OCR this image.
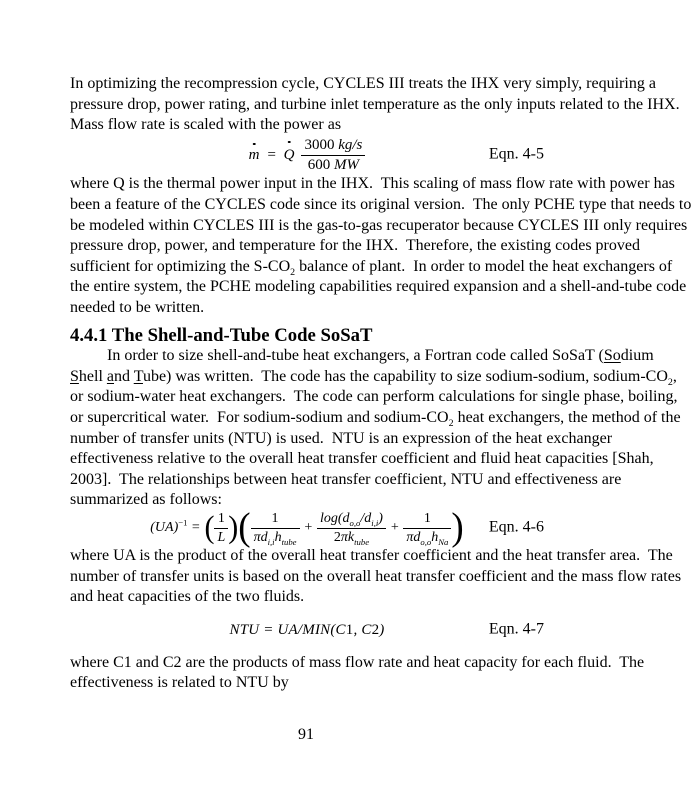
In optimizing the recompression cycle, CYCLES III treats the IHX very simply, requiring a
pressure drop, power rating, and turbine inlet temperature as the only inputs related to the IHX.
Mass flow rate is scaled with the power as

m = Q $\frac{3000 kg/s}{600 MW}$	Eqn. 4-5

where Q is the thermal power input in the IHX.  This scaling of mass flow rate with power has
been a feature of the CYCLES code since its original version.  The only PCHE type that needs to
be modeled within CYCLES III is the gas-to-gas recuperator because CYCLES III only requires
pressure drop, power, and temperature for the IHX.  Therefore, the existing codes proved
sufficient for optimizing the $S-CO_2$ balance of plant.  In order to model the heat exchangers of
the entire system, the PCHE modeling capabilities required expansion and a shell-and-tube code
needed to be written.

4.4.1 The Shell-and-Tube Code SoSaT

In order to size shell-and-tube heat exchangers, a Fortran code called SoSaT (Sodium
Shell and Tube) was written.  The code has the capability to size sodium-sodium, sodium-$CO_2$,
or sodium-water heat exchangers.  The code can perform calculations for single phase, boiling,
or supercritical water.  For sodium-sodium and sodium-$CO_2$ heat exchangers, the method of the
number of transfer units (NTU) is used.  NTU is an expression of the heat exchanger
effectiveness relative to the overall heat transfer coefficient and fluid heat capacities [Shah,
2003].  The relationships between heat transfer coefficient, NTU and effectiveness are
summarized as follows:

(UA)$^{-1}$ = ( $\frac{1}{L}$ ) ( $\frac{1}{\pi d_{i,i}h_{tube}} + \frac{\log(d_{o,o}/d_{i,i})}{2\pi k_{tube}} + \frac{1}{\pi d_{o,o}h_{Na}}$ ) Eqn. 4-6

where UA is the product of the overall heat transfer coefficient and the heat transfer area.  The
number of transfer units is based on the overall heat transfer coefficient and the mass flow rates
and heat capacities of the two fluids.

NTU = UA/MIN(C1, C2)	Eqn. 4-7

where C1 and C2 are the products of mass flow rate and heat capacity for each fluid.  The
effectiveness is related to NTU by

91
